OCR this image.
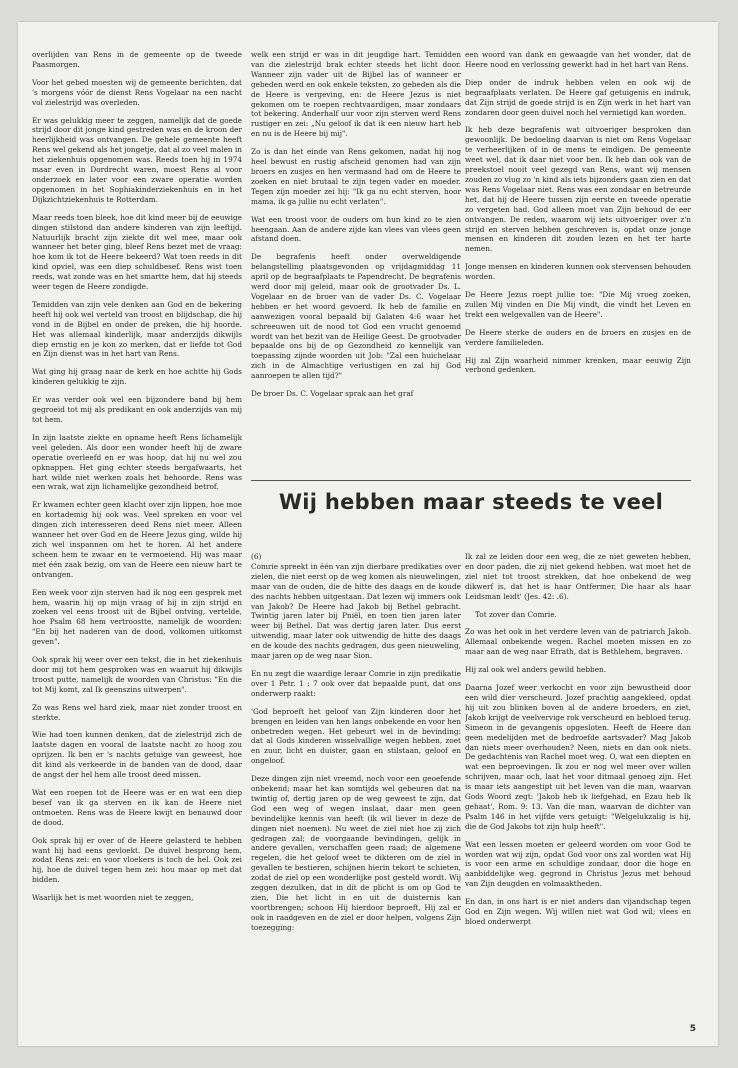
overlijden van Rens in de gemeente op de tweede Paasmorgen.

Voor het gebed moesten wij de gemeente berichten, dat 's morgens vóór de dienst Rens Vogelaar na een nacht vol zielestrijd was overleden.

Er was gelukkig meer te zeggen, namelijk dat de goede strijd door dit jonge kind gestreden was en de kroon der heerlijkheid was ontvangen. De gehele gemeente heeft Rens wel gekend als het jongetje, dat al zo veel malen in het ziekenhuis opgenomen was. Reeds toen hij in 1974 maar even in Dordrecht waren, moest Rens al voor onderzoek en later voor een zware operatie worden opgenomen in het Sophiakinderziekenhuis en in het Dijkzichtziekenhuis te Rotterdam.

Maar reeds toen bleek, hoe dit kind meer bij de eeuwige dingen stilstond dan andere kinderen van zijn leeftijd. Natuurlijk bracht zijn ziekte dit wel mee, maar ook wanneer het beter ging, bleef Rens bezet met de vraag: hoe kom ik tot de Heere bekeerd? Wat toen reeds in dit kind opviel, was een diep schuldbesef. Rens wist toen reeds, wat zonde was en het smartte hem, dat hij steeds weer tegen de Heere zondigde.

Temidden van zijn vele denken aan God en de bekering heeft hij ook wel verteld van troost en blijdschap, die hij vond in de Bijbel en onder de preken, die hij hoorde. Het was allemaal kinderlijk, maar anderzijds dikwijls diep ernstig en je kon zo merken, dat er liefde tot God en Zijn dienst was in het hart van Rens.

Wat ging hij graag naar de kerk en hoe achtte hij Gods kinderen gelukkig te zijn.

Er was verder ook wel een bijzondere band bij hem gegroeid tot mij als predikant en ook anderzijds van mij tot hem.

In zijn laatste ziekte en opname heeft Rens lichamelijk veel geleden. Als door een wonder heeft hij de zware operatie overleefd en er was hoop, dat hij nu wel zou opknappen. Het ging echter steeds bergafwaarts, het hart wilde niet werken zoals het behoorde. Rens was een wrak, wat zijn lichamelijke gezondheid betrof.

Er kwamen echter geen klacht over zijn lippen, hoe moe en kortademig hij ook was. Veel spreken en voor vel dingen zich interesseren deed Rens niet meer. Alleen wanneer het over God en de Heere Jezus ging, wilde hij zich wel inspannen om het te horen. Al het andere scheen hem te zwaar en te vermoeiend. Hij was maar met één zaak bezig, om van de Heere een nieuw hart te ontvangen.

Een week voor zijn sterven had ik nog een gesprek met hem, waarin hij op mijn vraag of hij in zijn strijd en zoeken vel eens troost uit de Bijbel ontving, vertelde, hoe Psalm 68 hem vertroostte, namelijk de woorden: "En bij het naderen van de dood, volkomen uitkomst geven".

Ook sprak hij weer over een tekst, die in het ziekenhuis door mij tot hem gesproken was en waaruit hij dikwijls troost putte, namelijk de woorden van Christus: "En die tot Mij komt, zal Ik geenszins uitwerpen".

Zo was Rens wel hard ziek, maar niet zonder troost en sterkte.

Wie had toen kunnen denken, dat de zielestrijd zich de laatste dagen en vooral de laatste nacht zo hoog zou oprijzen. Ik ben er 's nachts getuige van geweest, hoe dit kind als verkeerde in de banden van de dood, daar de angst der hel hem alle troost deed missen.

Wat een roepen tot de Heere was er en wat een diep besef van ik ga sterven en ik kan de Heere niet ontmoeten. Rens was de Heere kwijt en benauwd door de dood.

Ook sprak hij er over of de Heere gelasterd te hebben want hij had eens gevloekt. De duivel besprong hem, zodat Rens zei: en voor vloekers is toch de hel. Ook zei hij, hoe de duivel tegen hem zei: hou maar op met dat bidden.

Waarlijk het is met woorden niet te zeggen,

welk een strijd er was in dit jeugdige hart. Temidden van die zielestrijd brak echter steeds het licht door. Wanneer zijn vader uit de Bijbel las of wanneer er gebeden werd en ook enkele teksten, zo gebeden als die de Heere is vergeving, en: de Heere Jezus is niet gekomen om te roepen rechtvaardigen, maar zondaars tot bekering. Anderhalf uur voor zijn sterven werd Rens rustiger en zei: „Nu geloof ik dat ik een nieuw hart heb en nu is de Heere bij mij".

Zo is dan het einde van Rens gekomen, nadat hij nog heel bewust en rustig afscheid genomen had van zijn broers en zusjes en hen vermaand had om de Heere te zoeken en niet brutaal te zijn tegen vader en moeder. Tegen zijn moeder zei hij: "Ik ga nu echt sterven, hoor mama, ik ga jullie nu echt verlaten".

Wat een troost voor de ouders om hun kind zo te zien heengaan. Aan de andere zijde kan vlees van vlees geen afstand doen.

De begrafenis heeft onder overweldigende belangstelling plaatsgevonden op vrijdagmiddag 11 april op de begraafplaats te Papendrecht. De begrafenis werd door mij geleid, maar ook de grootvader Ds. L. Vogelaar en de broer van de vader Ds. C. Vogelaar hebben er het woord gevoerd. Ik heb de familie en aanwezigen vooral bepaald bij Galaten 4:6 waar het schreeuwen uit de nood tot God een vrucht genoemd wordt van het bezit van de Heilige Geest. De grootvader bepaalde ons bij de op Gezondheid zo kennelijk van toepassing zijnde woorden uit Job: "Zal een huichelaar zich in de Almachtige verlustigen en zal hij God aanroepen te allen tijd?"

De broer Ds. C. Vogelaar sprak aan het graf

een woord van dank en gewaagde van het wonder, dat de Heere nood en verlossing gewerkt had in het hart van Rens.

Diep onder de indruk hebben velen en ook wij de begraafplaats verlaten. De Heere gaf getuigenis en indruk, dat Zijn strijd de goede strijd is en Zijn werk in het hart van zondaren door geen duivel noch hel vernietigd kan worden.

Ik heb deze begrafenis wat uitvoeriger besproken dan gewoonlijk. De bedoeling daarvan is niet om Rens Vogelaar te verheerlijken of in de mens te eindigen. De gemeente weet wel, dat ik daar niet voor ben. Ik heb dan ook van de preekstoel nooit veel gezegd van Rens, want wij mensen zouden zo vlug zo 'n kind als iets bijzonders gaan zien en dat was Rens Vogelaar niet. Rens was een zondaar en betreurde het, dat hij de Heere tussen zijn eerste en tweede operatie zo vergeten had. God alleen moet van Zijn behoud de eer ontvangen. De reden, waarom wij iets uitvoeriger over z'n strijd en sterven hebben geschreven is, opdat onze jonge mensen en kinderen dit zouden lezen en het ter harte nemen.

Jonge mensen en kinderen kunnen ook stervensen behouden worden.

De Heere Jezus roept jullie toe: "Die Mij vroeg zoeken, zullen Mij vinden en Die Mij vindt, die vindt het Leven en trekt een welgevallen van de Heere".

De Heere sterke de ouders en de broers en zusjes en de verdere familieleden.

Hij zal Zijn waarheid nimmer krenken, maar eeuwig Zijn verbond gedenken.

Wij hebben maar steeds te veel

(6)

Comrie spreekt in één van zijn dierbare predikaties over zielen, die niet eerst op de weg komen als nieuwelingen, maar van de ouden, die de hitte des daags en de koude des nachts hebben uitgestaan. Dat lezen wij immers ook van Jakob? De Heere had Jakob bij Bethel gebracht. Twintig jaren later bij Pniël, en toen tien jaren later weer bij Bethel. Dat was dertig jaren later. Dus eerst uitwendig, maar later ook uitwendig de hitte des daags en de koude des nachts gedragen, dus geen nieuweling, maar jaren op de weg naar Sion.

En nu zegt die waardige leraar Comrie in zijn predikatie over 1 Petr. 1 : 7 ook over dat bepaalde punt, dat ons onderwerp raakt:

'God beproeft het geloof van Zijn kinderen door het brengen en leiden van hen langs onbekende en voor hen onbetreden wegen. Het gebeurt wel in de bevinding: dat al Gods kinderen wisselvallige wegen hebben, zoet en zuur, licht en duister, gaan en stilstaan, geloof en ongeloof.

Deze dingen zijn niet vreemd, noch voor een geoefende onbekend; maar het kan somtijds wel gebeuren dat na twintig of, dertig jaren op de weg geweest te zijn, dat God een weg of wegen inslaat, daar men geen bevindelijke kennis van heeft (ik wil liever in deze de dingen niet noemen). Nu weet de ziel niet hoe zij zich gedragen zal; de voorgaande bevindingen, gelijk in andere gevallen, verschaffen geen raad; de algemene regelen, die het geloof weet te dikteren om de ziel in gevallen te bestieren, schijnen hierin tekort te schieten, zodat de ziel op een wonderlijke post gesteld wordt. Wij zeggen dezulken, dat in dit de plicht is om op God te zien, Die het licht in en uit de duisternis kan voortbrengen; schoon Hij hierdoor beproeft, Hij zal er ook in raadgeven en de ziel er door helpen, volgens Zijn toezegging:

Ik zal ze leiden door een weg, die ze niet geweten hebben, en door paden, die zij niet gekend hebben. wat moet het de ziel niet tot troost strekken, dat hoe onbekend de weg dikwerf is, dat het is haar Ontfermer, Die haar als haar Leidsman leidt' (Jes. 42: .6).

Tot zover dan Comrie.

Zo was het ook in het verdere leven van de patriarch Jakob. Allemaal onbekende wegen. Rachel moeten missen en zo maar aan de weg naar Efrath, dat is Bethlehem, begraven.

Hij zal ook wel anders gewild hebben.

Daarna Jozef weer verkocht en voor zijn bewustheid door een wild dier verscheurd. Jozef prachtig aangekleed, opdat hij uit zou blinken boven al de andere broeders, en ziet, Jakob krijgt de veelvervige rok verscheurd en bebloed terug. Simeon in de gevangenis opgesloten. Heeft de Heere dan geen medelijden met de bedroefde aartsvader? Mag Jakob dan niets meer overhouden? Neen, niets en dan ook niets. De gedachtenis van Rachel moet weg. O, wat een diepten en wat een beproevingen. Ik zou er nog wel meer over willen schrijven, maar och, laat het voor ditmaal genoeg zijn. Het is maar iets aangestipt uit het leven van die man, waarvan Gods Woord zegt: 'Jakob heb ik liefgehad, en Ezau heb Ik gehaat', Rom. 9: 13. Van die man, waarvan de dichter van Psalm 146 in het vijfde vers getuigt: "Welgelukzalig is hij, die de God Jakobs tot zijn hulp heeft".

Wat een lessen moeten er geleerd worden om voor God te worden wat wij zijn, opdat God voor ons zal worden wat Hij is voor een arme en schuldige zondaar, door die hoge en aanbiddelijke weg. gegrond in Christus Jezus met behoud van Zijn deugden en volmaaktheden.

En dan, in ons hart is er niet anders dan vijandschap tegen God en Zijn wegen. Wij willen niet wat God wil; vlees en bloed onderwerpt

5
